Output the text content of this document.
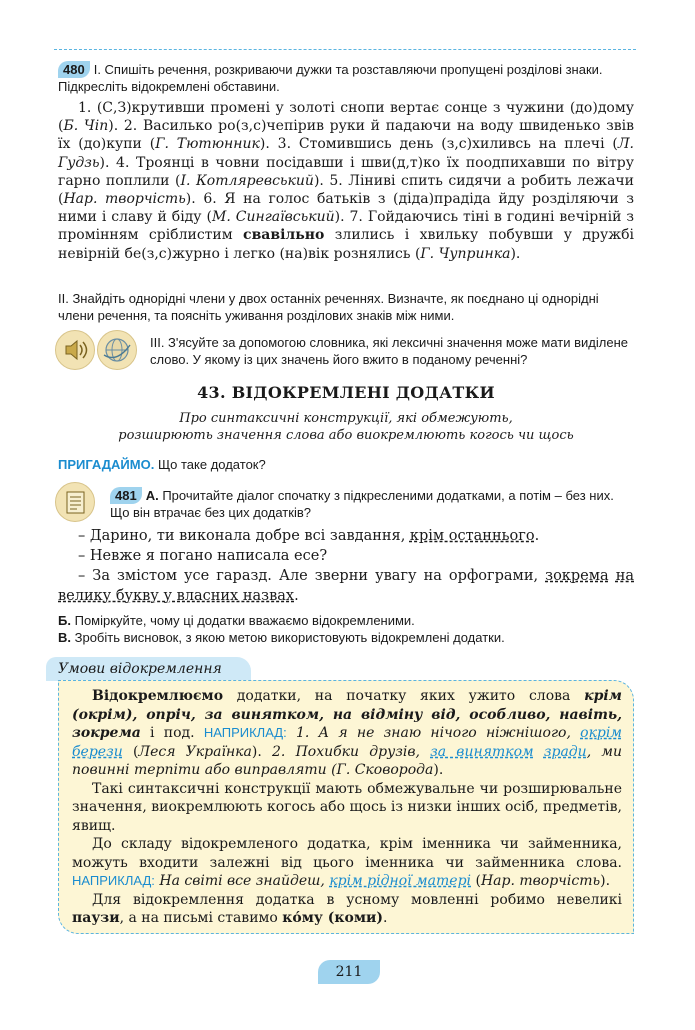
480 І. Спишіть речення, розкриваючи дужки та розставляючи пропущені розділові знаки. Підкресліть відокремлені обставини.

1. (С,З)крутивши промені у золоті снопи вертає сонце з чужини (до)дому (Б. Чіп). 2. Василько ро(з,с)чепірив руки й падаючи на воду швиденько звів їх (до)купи (Г. Тютюнник). 3. Стомившись день (з,с)хиливсь на плечі (Л. Гудзь). 4. Троянці в човни посідавши і шви(д,т)ко їх поодпихавши по вітру гарно поплили (І. Котляревський). 5. Ліниві спить сидячи а робить лежачи (Нар. творчість). 6. Я на голос батьків з (діда)прадіда йду розділяючи з ними і славу й біду (М. Сингаївський). 7. Гойдаючись тіні в годині вечірній з промінням сріблистим свавільно злились і хвильку побувши у дружбі невірній бе(з,с)журно і легко (на)вік рознялись (Г. Чупринка).

ІІ. Знайдіть однорідні члени у двох останніх реченнях. Визначте, як поєднано ці однорідні члени речення, та поясніть уживання розділових знаків між ними.
ІІІ. З'ясуйте за допомогою словника, які лексичні значення може мати виділене слово. У якому із цих значень його вжито в поданому реченні?
43. ВІДОКРЕМЛЕНІ ДОДАТКИ
Про синтаксичні конструкції, які обмежують,
розширюють значення слова або виокремлюють когось чи щось
ПРИГАДАЙМО. Що таке додаток?
481 А. Прочитайте діалог спочатку з підкресленими додатками, а потім – без них. Що він втрачає без цих додатків?
– Дарино, ти виконала добре всі завдання, крім останнього.
– Невже я погано написала есе?
– За змістом усе гаразд. Але зверни увагу на орфограми, зокрема на велику букву у власних назвах.
Б. Поміркуйте, чому ці додатки вважаємо відокремленими.
В. Зробіть висновок, з якою метою використовують відокремлені додатки.
Умови відокремлення

Відокремлюємо додатки, на початку яких ужито слова крім (окрім), опріч, за винятком, на відміну від, особливо, навіть, зокрема і под. НАПРИКЛАД: 1. А я не знаю нічого ніжнішого, окрім берези (Леся Українка). 2. Похибки друзів, за винятком зради, ми повинні терпіти або виправляти (Г. Сковорода).

Такі синтаксичні конструкції мають обмежувальне чи розширювальне значення, виокремлюють когось або щось із низки інших осіб, предметів, явищ.

До складу відокремленого додатка, крім іменника чи займенника, можуть входити залежні від цього іменника чи займенника слова. НАПРИКЛАД: На світі все знайдеш, крім рідної матері (Нар. творчість).

Для відокремлення додатка в усному мовленні робимо невеликі паузи, а на письмі ставимо ко́му (коми).

211
